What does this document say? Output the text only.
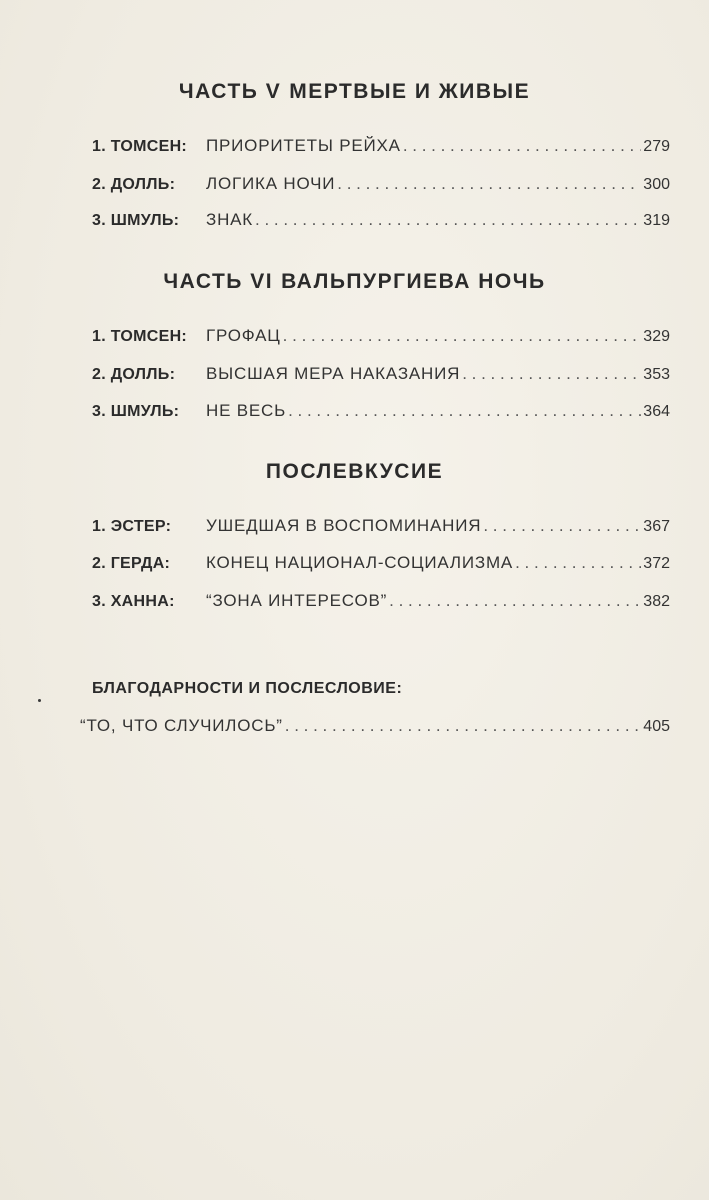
ЧАСТЬ V МЕРТВЫЕ И ЖИВЫЕ
1. ТОМСЕН:	ПРИОРИТЕТЫ РЕЙХА . . .	279
2. ДОЛЛЬ:	ЛОГИКА НОЧИ . . .	300
3. ШМУЛЬ:	ЗНАК . . .	319
ЧАСТЬ VI ВАЛЬПУРГИЕВА НОЧЬ
1. ТОМСЕН:	ГРОФАЦ . . .	329
2. ДОЛЛЬ:	ВЫСШАЯ МЕРА НАКАЗАНИЯ . . .	353
3. ШМУЛЬ:	НЕ ВЕСЬ . . .	364
ПОСЛЕВКУСИЕ
1. ЭСТЕР:	УШЕДШАЯ В ВОСПОМИНАНИЯ . . .	367
2. ГЕРДА:	КОНЕЦ НАЦИОНАЛ-СОЦИАЛИЗМА . . .	372
3. ХАННА:	“ЗОНА ИНТЕРЕСОВ” . . .	382
БЛАГОДАРНОСТИ И ПОСЛЕСЛОВИЕ:
“ТО, ЧТО СЛУЧИЛОСЬ” . . .	405
